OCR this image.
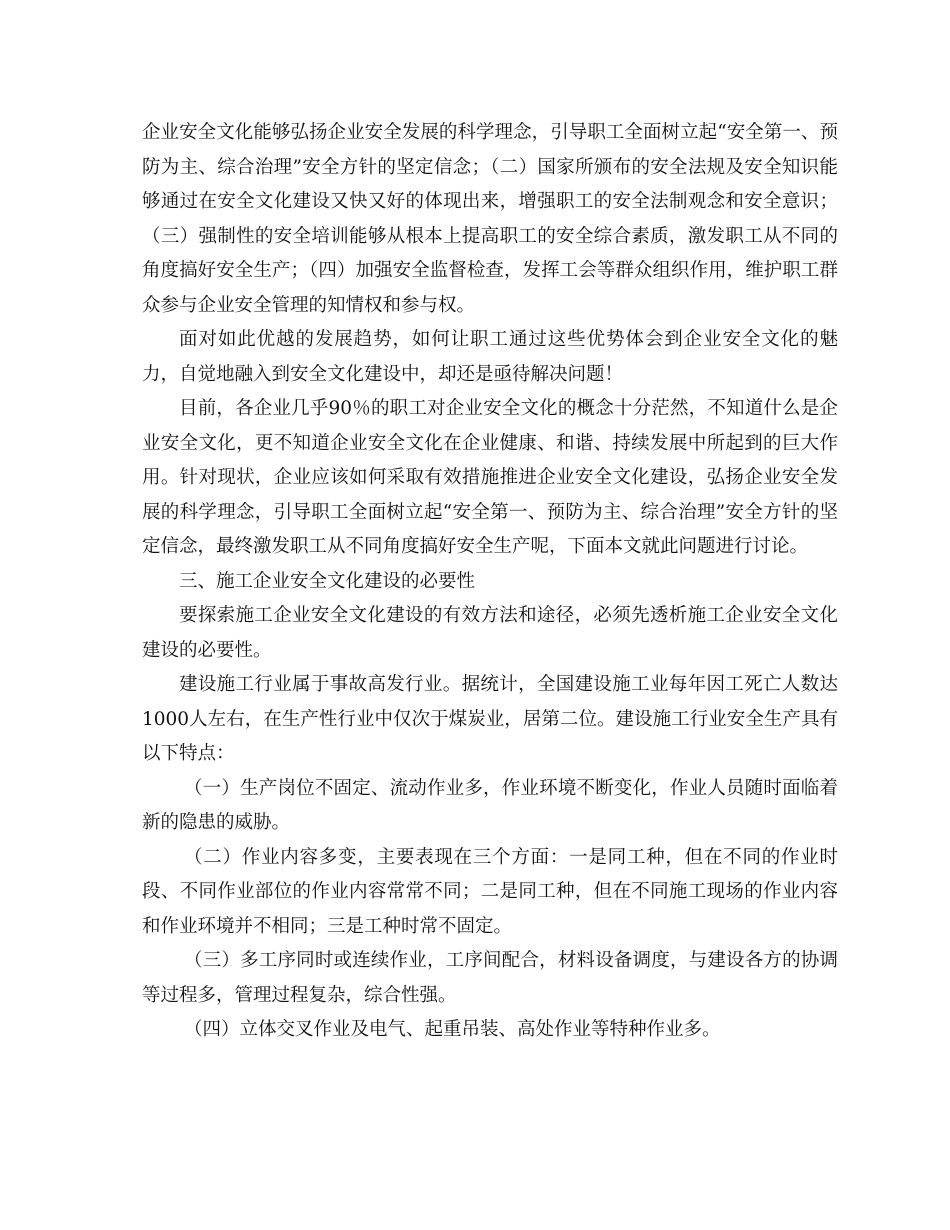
企业安全文化能够弘扬企业安全发展的科学理念，引导职工全面树立起“安全第一、预防为主、综合治理”安全方针的坚定信念；（二）国家所颁布的安全法规及安全知识能够通过在安全文化建设又快又好的体现出来，增强职工的安全法制观念和安全意识；（三）强制性的安全培训能够从根本上提高职工的安全综合素质，激发职工从不同的角度搞好安全生产；（四）加强安全监督检查，发挥工会等群众组织作用，维护职工群众参与企业安全管理的知情权和参与权。

面对如此优越的发展趋势，如何让职工通过这些优势体会到企业安全文化的魅力，自觉地融入到安全文化建设中，却还是亟待解决问题！

目前，各企业几乎90％的职工对企业安全文化的概念十分茫然，不知道什么是企业安全文化，更不知道企业安全文化在企业健康、和谐、持续发展中所起到的巨大作用。针对现状，企业应该如何采取有效措施推进企业安全文化建设，弘扬企业安全发展的科学理念，引导职工全面树立起“安全第一、预防为主、综合治理”安全方针的坚定信念，最终激发职工从不同角度搞好安全生产呢，下面本文就此问题进行讨论。

三、施工企业安全文化建设的必要性

要探索施工企业安全文化建设的有效方法和途径，必须先透析施工企业安全文化建设的必要性。

建设施工行业属于事故高发行业。据统计，全国建设施工业每年因工死亡人数达1000人左右，在生产性行业中仅次于煤炭业，居第二位。建设施工行业安全生产具有以下特点：

（一）生产岗位不固定、流动作业多，作业环境不断变化，作业人员随时面临着新的隐患的威胁。

（二）作业内容多变，主要表现在三个方面：一是同工种，但在不同的作业时段、不同作业部位的作业内容常常不同；二是同工种，但在不同施工现场的作业内容和作业环境并不相同；三是工种时常不固定。

（三）多工序同时或连续作业，工序间配合，材料设备调度，与建设各方的协调等过程多，管理过程复杂，综合性强。

（四）立体交叉作业及电气、起重吊装、高处作业等特种作业多。
